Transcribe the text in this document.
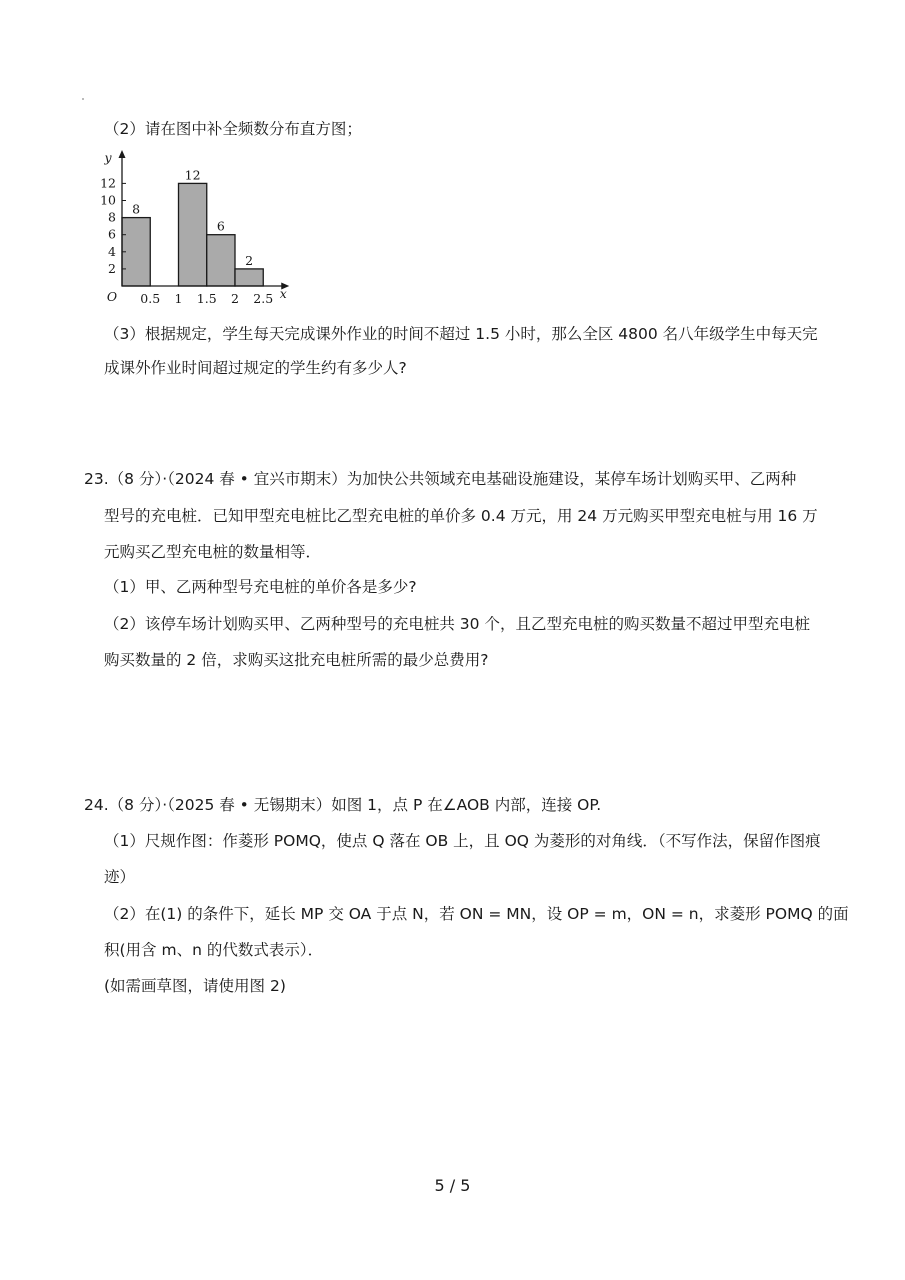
（2）请在图中补全频数分布直方图；
8
12
6
2
12
10
8
6
4
2
0.5 1 1.5 2 2.5
y
x
O
（3）根据规定，学生每天完成课外作业的时间不超过 1.5 小时，那么全区 4800 名八年级学生中每天完
成课外作业时间超过规定的学生约有多少人?
23.（8 分）·（2024 春 • 宜兴市期末）为加快公共领域充电基础设施建设，某停车场计划购买甲、乙两种
型号的充电桩．已知甲型充电桩比乙型充电桩的单价多 0.4 万元，用 24 万元购买甲型充电桩与用 16 万
元购买乙型充电桩的数量相等．
（1）甲、乙两种型号充电桩的单价各是多少?
（2）该停车场计划购买甲、乙两种型号的充电桩共 30 个，且乙型充电桩的购买数量不超过甲型充电桩
购买数量的 2 倍，求购买这批充电桩所需的最少总费用?
24.（8 分）·（2025 春 • 无锡期末）如图 1，点 P 在∠AOB 内部，连接 OP.
（1）尺规作图：作菱形 POMQ，使点 Q 落在 OB 上，且 OQ 为菱形的对角线．（不写作法，保留作图痕
迹）
（2）在(1) 的条件下，延长 MP 交 OA 于点 N，若 ON = MN，设 OP = m，ON = n，求菱形 POMQ 的面
积(用含 m、n 的代数式表示）．
(如需画草图，请使用图 2)
5 / 5
